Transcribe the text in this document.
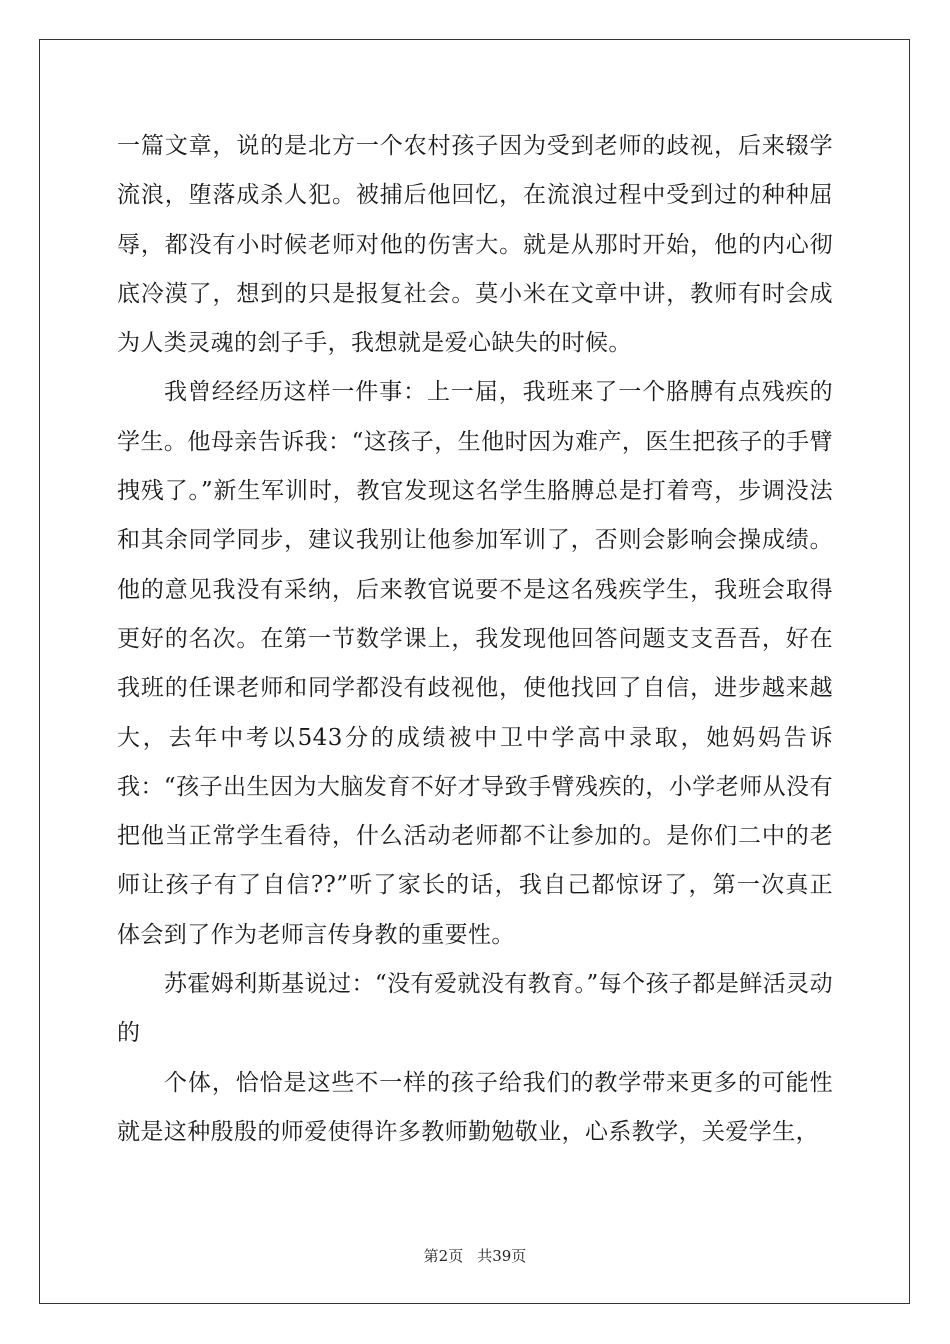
一篇文章，说的是北方一个农村孩子因为受到老师的歧视，后来辍学流浪，堕落成杀人犯。被捕后他回忆，在流浪过程中受到过的种种屈辱，都没有小时候老师对他的伤害大。就是从那时开始，他的内心彻底冷漠了，想到的只是报复社会。莫小米在文章中讲，教师有时会成为人类灵魂的刽子手，我想就是爱心缺失的时候。

我曾经经历这样一件事：上一届，我班来了一个胳膊有点残疾的学生。他母亲告诉我：“这孩子，生他时因为难产，医生把孩子的手臂拽残了。”新生军训时，教官发现这名学生胳膊总是打着弯，步调没法和其余同学同步，建议我别让他参加军训了，否则会影响会操成绩。他的意见我没有采纳，后来教官说要不是这名残疾学生，我班会取得更好的名次。在第一节数学课上，我发现他回答问题支支吾吾，好在我班的任课老师和同学都没有歧视他，使他找回了自信，进步越来越大，去年中考以543分的成绩被中卫中学高中录取，她妈妈告诉我：“孩子出生因为大脑发育不好才导致手臂残疾的，小学老师从没有把他当正常学生看待，什么活动老师都不让参加的。是你们二中的老师让孩子有了自信??”听了家长的话，我自己都惊讶了，第一次真正体会到了作为老师言传身教的重要性。

苏霍姆利斯基说过：“没有爱就没有教育。”每个孩子都是鲜活灵动的

个体，恰恰是这些不一样的孩子给我们的教学带来更多的可能性就是这种殷殷的师爱使得许多教师勤勉敬业，心系教学，关爱学生，

第2页 共39页
